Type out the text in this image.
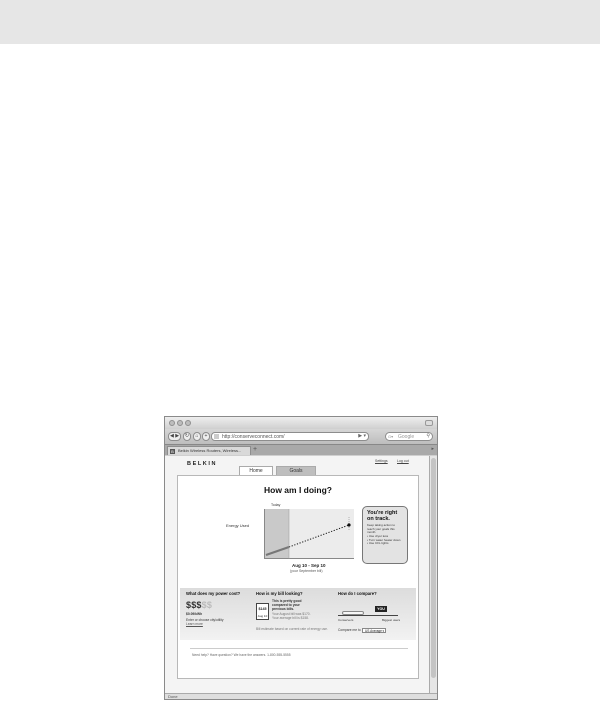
◀ ▶	↻	⌂	+	http://conserveconnect.com/	▶ ▾	G▾ Google ⚲
B Belkin Wireless Routers, Wireless...	+	▸
BELKIN	Settings	Log out
Home	Goals
How am I doing?
Today
Energy Used
Aug 10 - Sep 10
(your September bill)
You're right on track.
Keep taking action to reach your goals this month.
• Use dryer less
• Turn water heater down
• Use CFL lights
What does my power cost?
$$$$$
$0.09/kWh
Enter or choose city/utility
Learn more
How is my bill looking?
$145
Aug 10
This is pretty good
compared to your
previous bills.
Your August bill was $170.
Your average bill is $158.
Bill estimate based on current rate of energy use.
How do I compare?
YOU
Conservers	Biggest users
Compare me to	US Average ▾
Need help? Have question? We have the answers. 1-800-555-5555
Done
